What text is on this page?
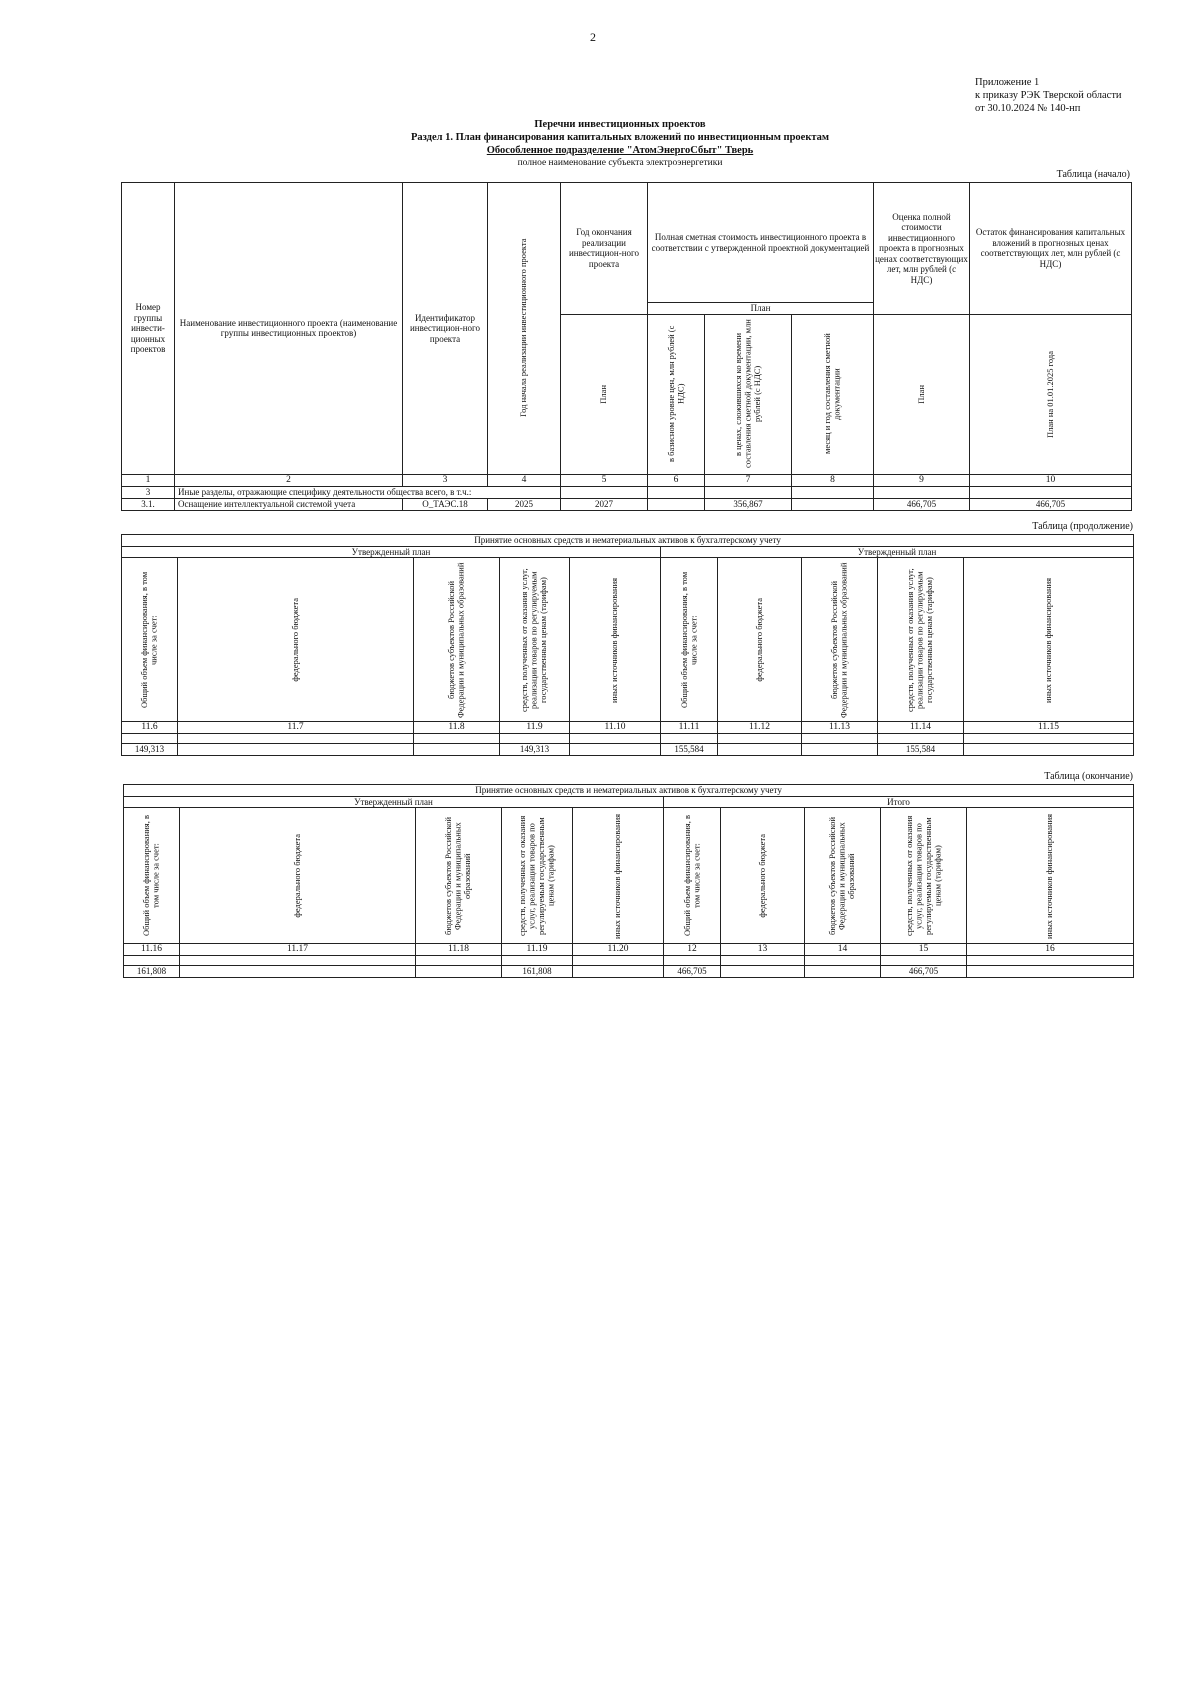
2
Приложение 1
к приказу РЭК Тверской области
от 30.10.2024 № 140-нп
Перечни инвестиционных проектов
Раздел 1. План финансирования капитальных вложений по инвестиционным проектам
Обособленное подразделение "АтомЭнергоСбыт" Тверь
полное наименование субъекта электроэнергетики
Таблица (начало)
Номер группы инвести-ционных проектов	Наименование инвестиционного проекта (наименование группы инвестиционных проектов)	Идентификатор инвестицион-ного проекта	Год начала реализации инвестиционного проекта	Год окончания реализации инвестицион-ного проекта	Полная сметная стоимость инвестиционного проекта в соответствии с утвержденной проектной документацией			Оценка полной стоимости инвестиционного проекта в прогнозных ценах соответствующих лет, млн рублей (с НДС)	Остаток финансирования капитальных вложений в прогнозных ценах соответствующих лет, млн рублей (с НДС)
					План				

				План	в базисном уровне цен, млн рублей (с НДС)	в ценах, сложившихся ко времени составления сметной документации, млн рублей (с НДС)	месяц и год составления сметной документации	План	План на 01.01.2025 года

1	2	3	4	5	6	7	8	9	10
3	Иные разделы, отражающие специфику деятельности общества всего, в т.ч.:								
3.1.	Оснащение интеллектуальной системой учета	О_ТАЭС.18	2025	2027		356,867		466,705	466,705
Таблица (продолжение)
Принятие основных средств и нематериальных активов к бухгалтерскому учету									
Утвержденный план					Утвержденный план				

Общий объем финансирования, в том числе за счет:	федерального бюджета	бюджетов субъектов Российской Федерации и муниципальных образований	средств, полученных от оказания услуг, реализации товаров по регулируемым государственным ценам (тарифам)	иных источников финансирования	Общий объем финансирования, в том числе за счет:	федерального бюджета	бюджетов субъектов Российской Федерации и муниципальных образований	средств, полученных от оказания услуг, реализации товаров по регулируемым государственным ценам (тарифам)	иных источников финансирования

11.6	11.7	11.8	11.9	11.10	11.11	11.12	11.13	11.14	11.15

149,313			149,313		155,584			155,584	
Таблица (окончание)
Принятие основных средств и нематериальных активов к бухгалтерскому учету									
Утвержденный план					Итого				

Общий объем финансирования, в том числе за счет:	федерального бюджета	бюджетов субъектов Российской Федерации и муниципальных образований	средств, полученных от оказания услуг, реализации товаров по регулируемым государственным ценам (тарифам)	иных источников финансирования	Общий объем финансирования, в том числе за счет:	федерального бюджета	бюджетов субъектов Российской Федерации и муниципальных образований	средств, полученных от оказания услуг, реализации товаров по регулируемым государственным ценам (тарифам)	иных источников финансирования

11.16	11.17	11.18	11.19	11.20	12	13	14	15	16

161,808			161,808		466,705			466,705	
